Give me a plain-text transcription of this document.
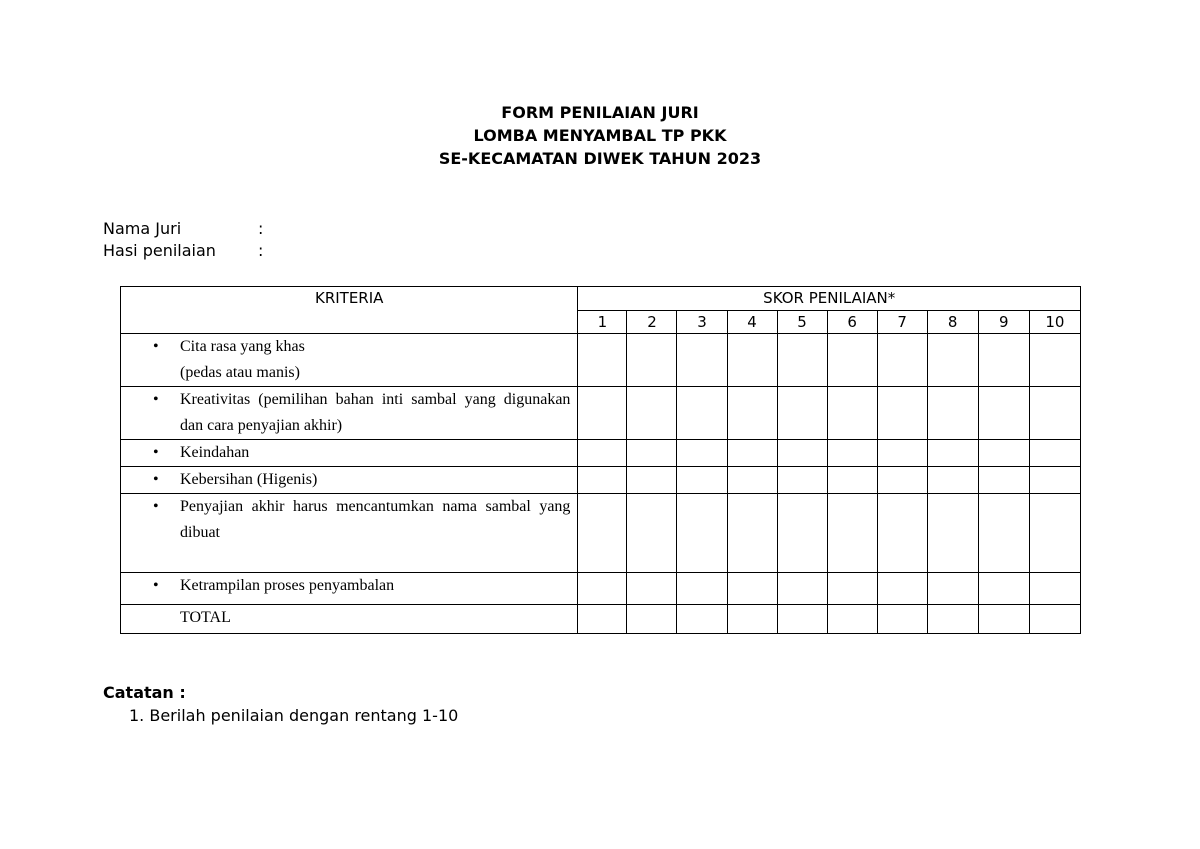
FORM PENILAIAN JURI
LOMBA MENYAMBAL TP PKK
SE-KECAMATAN DIWEK TAHUN 2023
Nama Juri	:
Hasi penilaian	:
KRITERIA	SKOR PENILAIAN*									
	1	2	3	4	5	6	7	8	9	10

• Cita rasa yang khas
(pedas atau manis)										

• Kreativitas (pemilihan bahan inti sambal yang digunakan dan cara penyajian akhir)										

• Keindahan										

• Kebersihan (Higenis)										

• Penyajian akhir harus mencantumkan nama sambal yang dibuat										

• Ketrampilan proses penyambalan										

TOTAL										
Catatan :
1. Berilah penilaian dengan rentang 1-10
